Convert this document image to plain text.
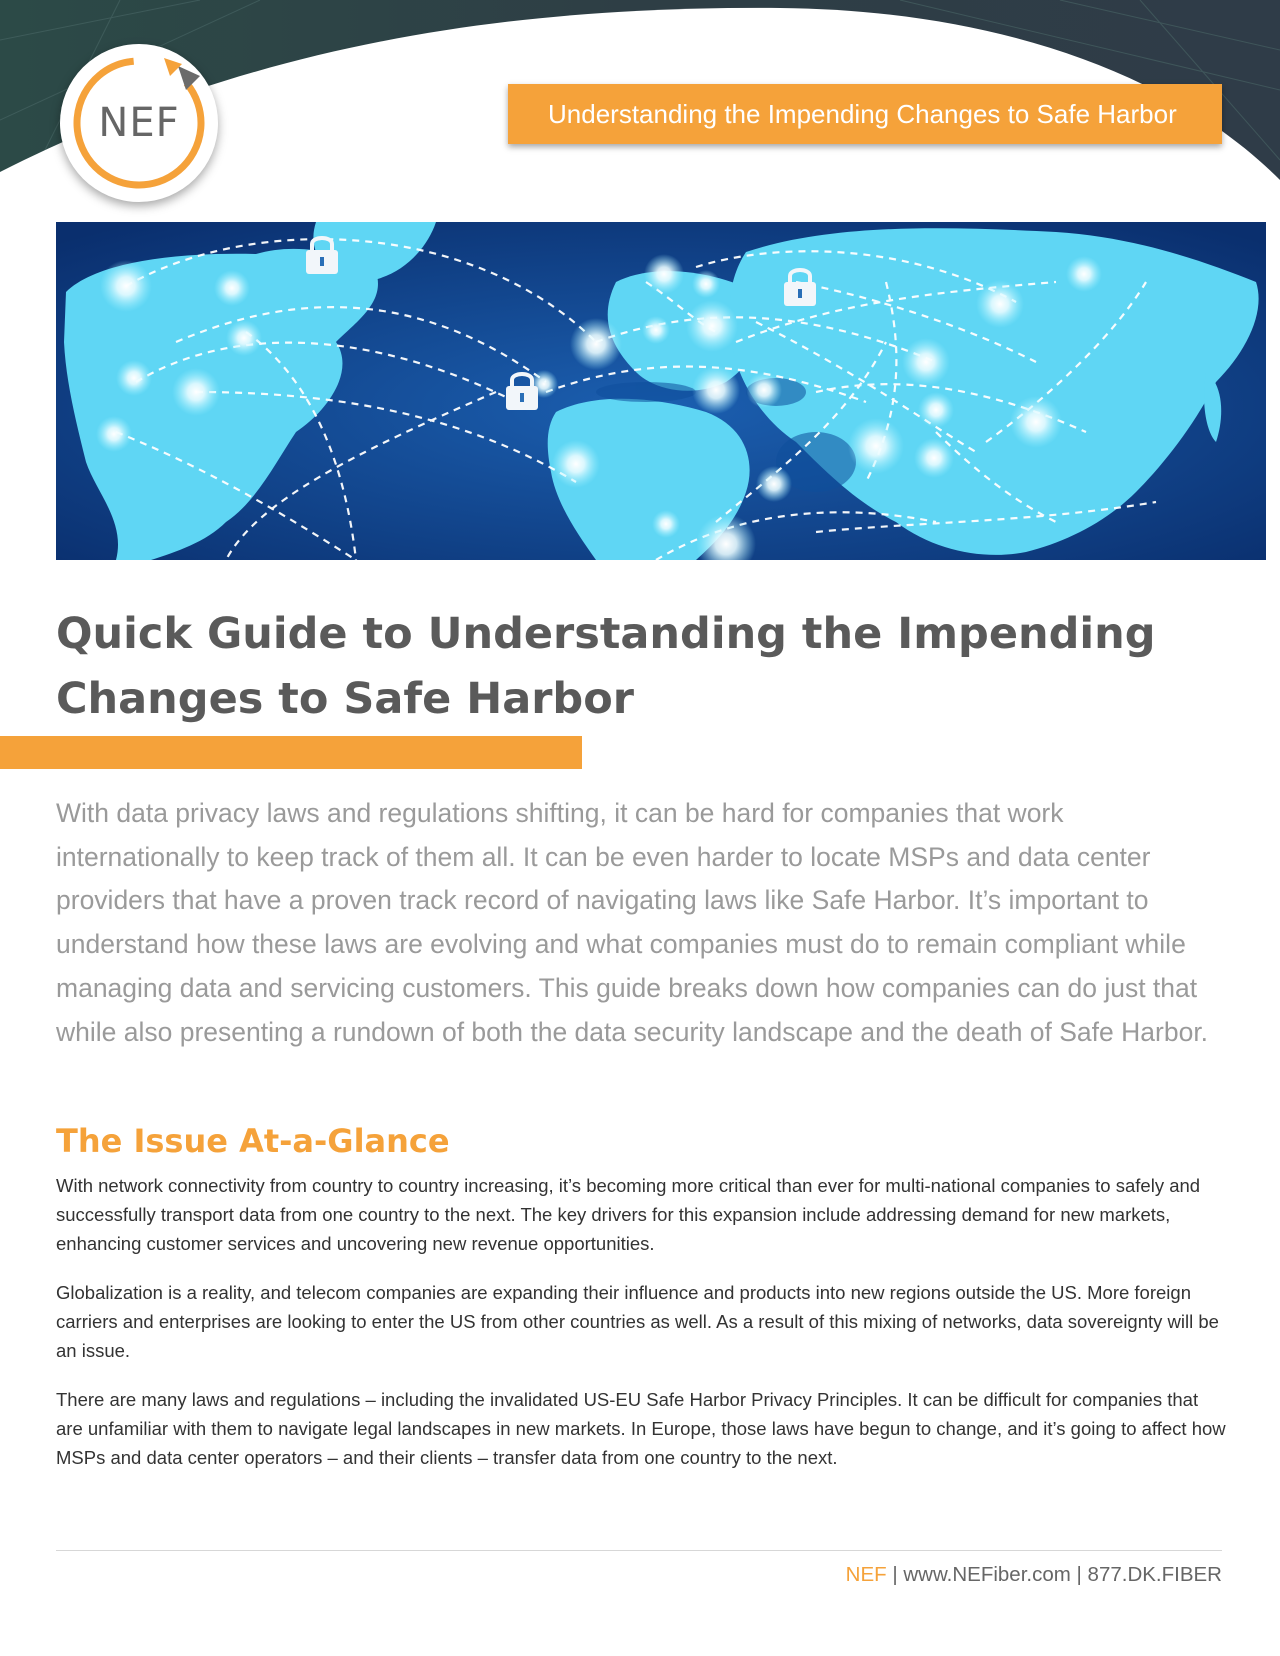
NEF	Understanding the Impending Changes to Safe Harbor
Quick Guide to Understanding the Impending
Changes to Safe Harbor

With data privacy laws and regulations shifting, it can be hard for companies that work internationally to keep track of them all. It can be even harder to locate MSPs and data center providers that have a proven track record of navigating laws like Safe Harbor. It’s important to understand how these laws are evolving and what companies must do to remain compliant while managing data and servicing customers. This guide breaks down how companies can do just that while also presenting a rundown of both the data security landscape and the death of Safe Harbor.

The Issue At-a-Glance

With network connectivity from country to country increasing, it’s becoming more critical than ever for multi-national companies to safely and successfully transport data from one country to the next. The key drivers for this expansion include addressing demand for new markets, enhancing customer services and uncovering new revenue opportunities.

Globalization is a reality, and telecom companies are expanding their influence and products into new regions outside the US. More foreign carriers and enterprises are looking to enter the US from other countries as well. As a result of this mixing of networks, data sovereignty will be an issue.

There are many laws and regulations – including the invalidated US-EU Safe Harbor Privacy Principles. It can be difficult for companies that are unfamiliar with them to navigate legal landscapes in new markets. In Europe, those laws have begun to change, and it’s going to affect how MSPs and data center operators – and their clients – transfer data from one country to the next.

NEF | www.NEFiber.com | 877.DK.FIBER
